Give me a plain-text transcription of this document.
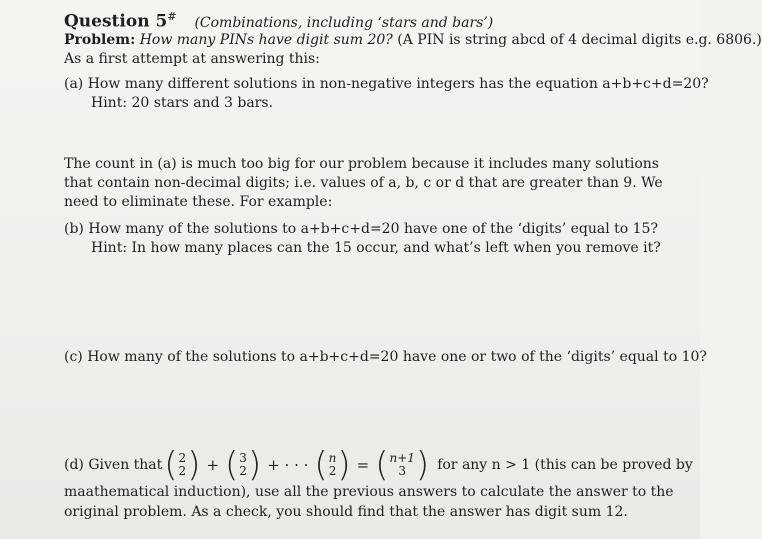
Question 5# (Combinations, including ‘stars and bars’)
Problem: How many PINs have digit sum 20? (A PIN is string abcd of 4 decimal digits e.g. 6806.)
As a first attempt at answering this:
(a) How many different solutions in non-negative integers has the equation a+b+c+d=20?
Hint: 20 stars and 3 bars.
The count in (a) is much too big for our problem because it includes many solutions that contain non-decimal digits; i.e. values of a, b, c or d that are greater than 9. We need to eliminate these. For example:
(b) How many of the solutions to a+b+c+d=20 have one of the ‘digits’ equal to 15?
Hint: In how many places can the 15 occur, and what’s left when you remove it?
(c) How many of the solutions to a+b+c+d=20 have one or two of the ‘digits’ equal to 10?
(d) Given that ( 2
2 ) + ( 3
2 ) + · · · ( n
2 ) = ( n+1
3 ) for any n > 1 (this can be proved by
maathematical induction), use all the previous answers to calculate the answer to the
original problem. As a check, you should find that the answer has digit sum 12.
